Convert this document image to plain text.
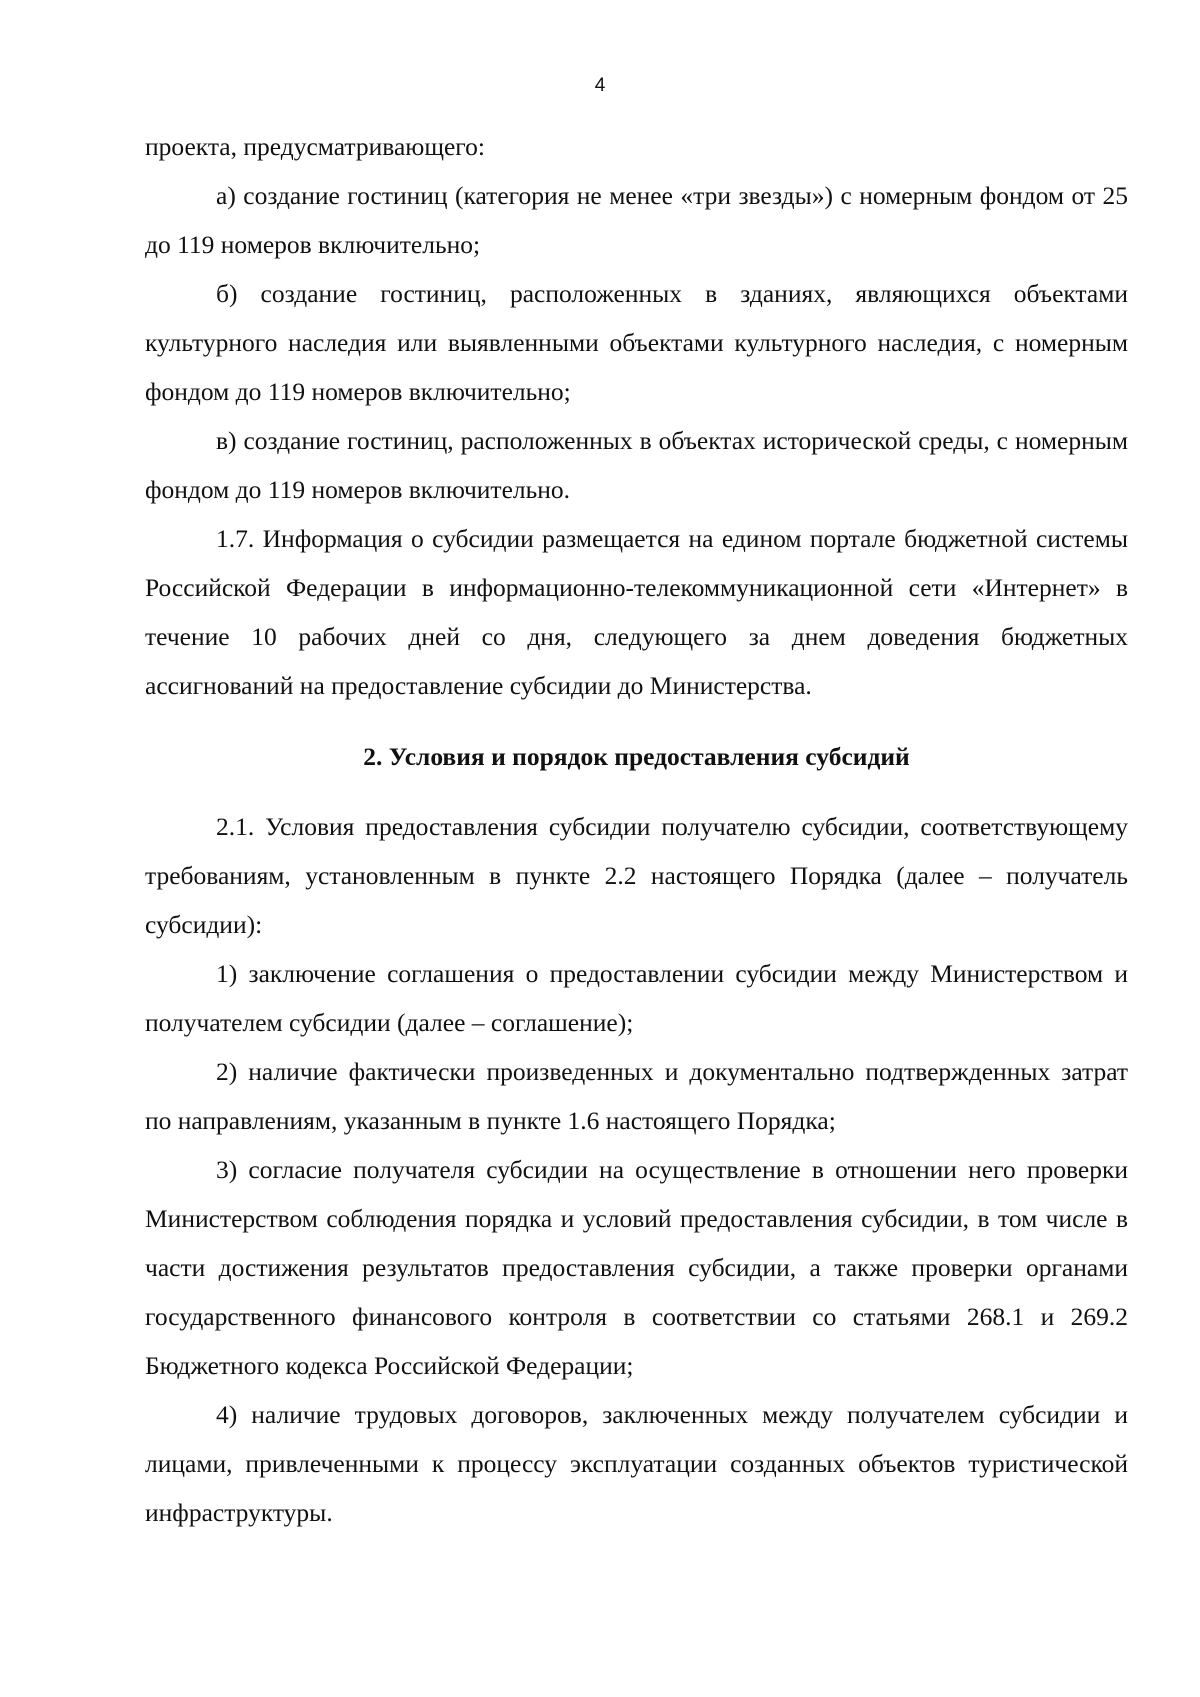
4

проекта, предусматривающего:

а) создание гостиниц (категория не менее «три звезды») с номерным фондом от 25 до 119 номеров включительно;

б) создание гостиниц, расположенных в зданиях, являющихся объектами культурного наследия или выявленными объектами культурного наследия, с номерным фондом до 119 номеров включительно;

в) создание гостиниц, расположенных в объектах исторической среды, с номерным фондом до 119 номеров включительно.

1.7. Информация о субсидии размещается на едином портале бюджетной системы Российской Федерации в информационно-телекоммуникационной сети «Интернет» в течение 10 рабочих дней со дня, следующего за днем доведения бюджетных ассигнований на предоставление субсидии до Министерства.

2. Условия и порядок предоставления субсидий

2.1. Условия предоставления субсидии получателю субсидии, соответствующему требованиям, установленным в пункте 2.2 настоящего Порядка (далее – получатель субсидии):

1) заключение соглашения о предоставлении субсидии между Министерством и получателем субсидии (далее – соглашение);

2) наличие фактически произведенных и документально подтвержденных затрат по направлениям, указанным в пункте 1.6 настоящего Порядка;

3) согласие получателя субсидии на осуществление в отношении него проверки Министерством соблюдения порядка и условий предоставления субсидии, в том числе в части достижения результатов предоставления субсидии, а также проверки органами государственного финансового контроля в соответствии со статьями 268.1 и 269.2 Бюджетного кодекса Российской Федерации;

4) наличие трудовых договоров, заключенных между получателем субсидии и лицами, привлеченными к процессу эксплуатации созданных объектов туристической инфраструктуры.
